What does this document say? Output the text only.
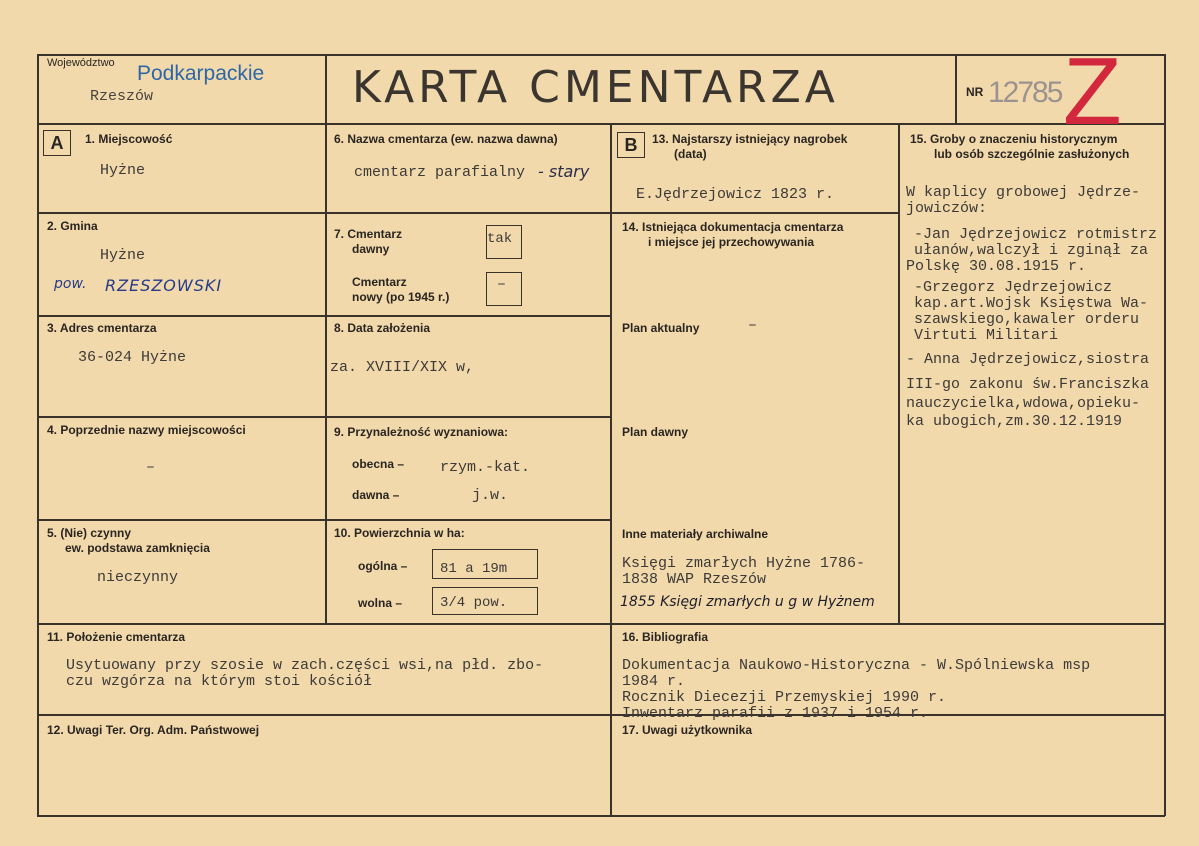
Województwo Podkarpackie
Rzeszów	KARTA CMENTARZA	NR 12785 Z
A	B
1. Miejscowość
Hyżne
2. Gmina
Hyżne
pow. RZESZOWSKI
3. Adres cmentarza
36-024 Hyżne
4. Poprzednie nazwy miejscowości
–
5. (Nie) czynny
ew. podstawa zamknięcia
nieczynny
6. Nazwa cmentarza (ew. nazwa dawna)
cmentarz parafialny - stary
7. Cmentarz
dawny
tak
Cmentarz
nowy (po 1945 r.)
–
8. Data założenia
za. XVIII/XIX w,
9. Przynależność wyznaniowa:
obecna – rzym.-kat.
dawna –	j.w.
10. Powierzchnia w ha:
ogólna – 81 a 19m
wolna –	3/4 pow.
11. Położenie cmentarza
Usytuowany przy szosie w zach.części wsi,na płd. zbo-
czu wzgórza na którym stoi kościół
12. Uwagi Ter. Org. Adm. Państwowej
13. Najstarszy istniejący nagrobek
(data)
E.Jędrzejowicz 1823 r.
14. Istniejąca dokumentacja cmentarza
i miejsce jej przechowywania
Plan aktualny	–
Plan dawny
Inne materiały archiwalne
Księgi zmarłych Hyżne 1786-
1838 WAP Rzeszów
1855 Księgi zmarłych u g w Hyżnem
15. Groby o znaczeniu historycznym
lub osób szczególnie zasłużonych
W kaplicy grobowej Jędrze-
jowiczów:
-Jan Jędrzejowicz rotmistrz
ułanów,walczył i zginął za
Polskę 30.08.1915 r.
-Grzegorz Jędrzejowicz
kap.art.Wojsk Księstwa Wa-
szawskiego,kawaler orderu
Virtuti Militari
- Anna Jędrzejowicz,siostra
III-go zakonu św.Franciszka
nauczycielka,wdowa,opieku-
ka ubogich,zm.30.12.1919
16. Bibliografia
Dokumentacja Naukowo-Historyczna - W.Spólniewska msp
1984 r.
Rocznik Diecezji Przemyskiej 1990 r.
Inwentarz parafii z 1937 i 1954 r.
17. Uwagi użytkownika
